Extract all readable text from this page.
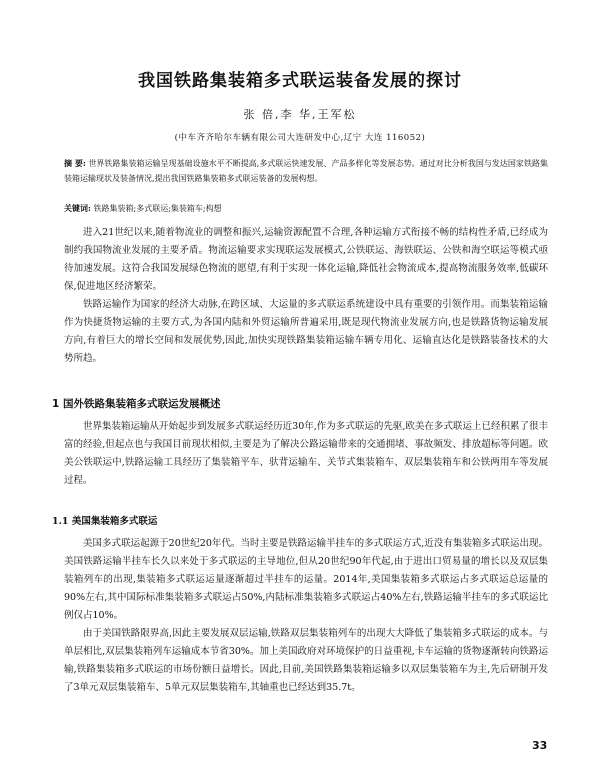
我国铁路集装箱多式联运装备发展的探讨
张 倍,李 华,王军松
(中车齐齐哈尔车辆有限公司大连研发中心,辽宁 大连 116052)
摘 要: 世界铁路集装箱运输呈现基础设施水平不断提高,多式联运快速发展、产品多样化等发展态势。通过对比分析我国与发达国家铁路集装箱运输现状及装备情况,提出我国铁路集装箱多式联运装备的发展构想。
关键词: 铁路集装箱;多式联运;集装箱车;构想

进入21世纪以来,随着物流业的调整和振兴,运输资源配置不合理,各种运输方式衔接不畅的结构性矛盾,已经成为制约我国物流业发展的主要矛盾。物流运输要求实现联运发展模式,公铁联运、海铁联运、公铁和海空联运等模式亟待加速发展。这符合我国发展绿色物流的愿望,有利于实现一体化运输,降低社会物流成本,提高物流服务效率,低碳环保,促进地区经济繁荣。

铁路运输作为国家的经济大动脉,在跨区域、大运量的多式联运系统建设中具有重要的引领作用。而集装箱运输作为快捷货物运输的主要方式,为各国内陆和外贸运输所普遍采用,既是现代物流业发展方向,也是铁路货物运输发展方向,有着巨大的增长空间和发展优势,因此,加快实现铁路集装箱运输车辆专用化、运输直达化是铁路装备技术的大势所趋。

1 国外铁路集装箱多式联运发展概述

世界集装箱运输从开始起步到发展多式联运经历近30年,作为多式联运的先驱,欧美在多式联运上已经积累了很丰富的经验,但起点也与我国目前现状相似,主要是为了解决公路运输带来的交通拥堵、事故频发、排放超标等问题。欧美公铁联运中,铁路运输工具经历了集装箱平车、驮背运输车、关节式集装箱车、双层集装箱车和公铁两用车等发展过程。

1.1 美国集装箱多式联运

美国多式联运起源于20世纪20年代。当时主要是铁路运输半挂车的多式联运方式,近没有集装箱多式联运出现。美国铁路运输半挂车长久以来处于多式联运的主导地位,但从20世纪90年代起,由于进出口贸易量的增长以及双层集装箱列车的出现,集装箱多式联运运量逐渐超过半挂车的运量。2014年,美国集装箱多式联运占多式联运总运量的90%左右,其中国际标准集装箱多式联运占50%,内陆标准集装箱多式联运占40%左右,铁路运输半挂车的多式联运比例仅占10%。

由于美国铁路限界高,因此主要发展双层运输,铁路双层集装箱列车的出现大大降低了集装箱多式联运的成本。与单层相比,双层集装箱列车运输成本节省30%。加上美国政府对环境保护的日益重视,卡车运输的货物逐渐转向铁路运输,铁路集装箱多式联运的市场份额日益增长。因此,目前,美国铁路集装箱运输多以双层集装箱车为主,先后研制开发了3单元双层集装箱车、5单元双层集装箱车,其轴重也已经达到35.7t。

33
